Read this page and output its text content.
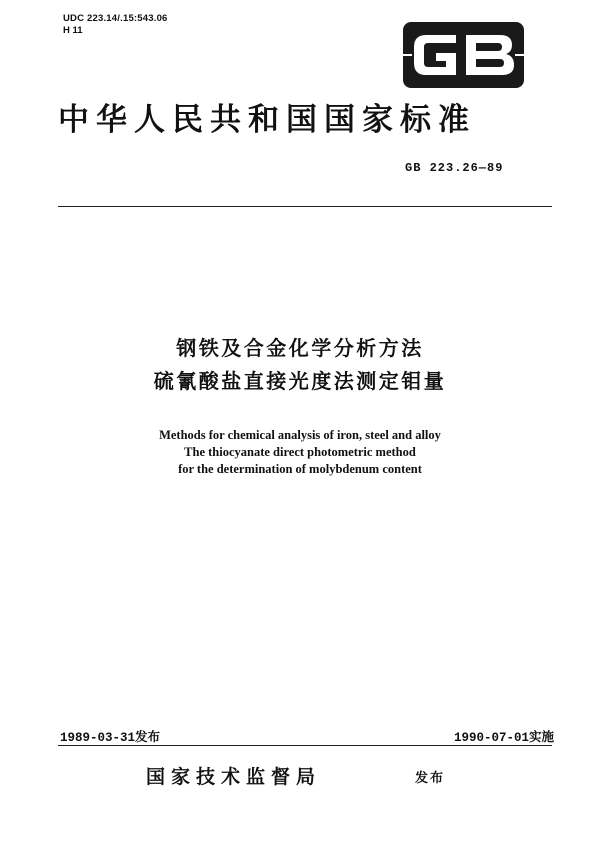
UDC 223.14/.15:543.06
H 11
中华人民共和国国家标准
GB 223.26—89
钢铁及合金化学分析方法
硫氰酸盐直接光度法测定钼量
Methods for chemical analysis of iron, steel and alloy
The thiocyanate direct photometric method
for the determination of molybdenum content
1989-03-31发布	1990-07-01实施
国家技术监督局	发布
